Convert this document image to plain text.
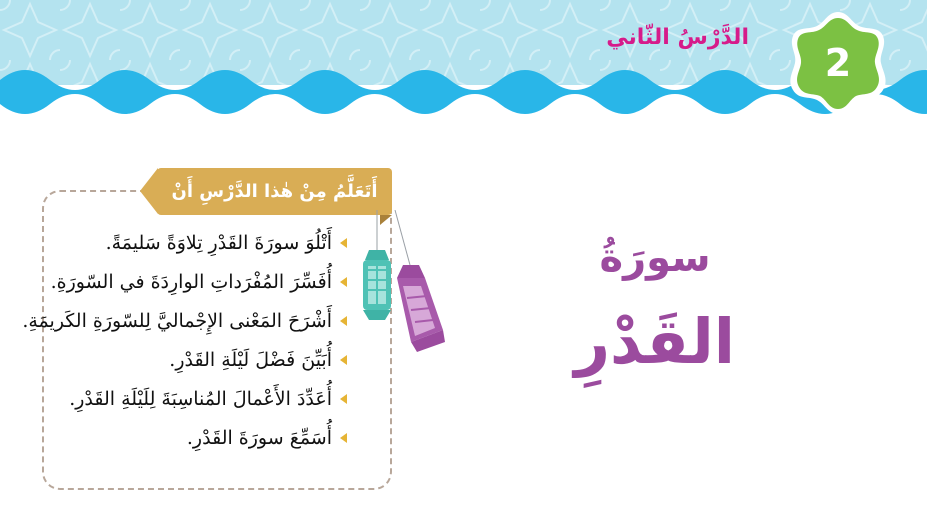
الدَّرْسُ الثّاني
2
أَتَعَلَّمُ مِنْ هٰذا الدَّرْسِ أَنْ
أَتْلُوَ سورَةَ القَدْرِ تِلاوَةً سَليمَةً.
أُفَسِّرَ المُفْرَداتِ الوارِدَةَ في السّورَةِ.
أَشْرَحَ المَعْنى الإِجْماليَّ لِلسّورَةِ الكَريمَةِ.
أُبَيِّنَ فَضْلَ لَيْلَةِ القَدْرِ.
أُعَدِّدَ الأَعْمالَ المُناسِبَةَ لِلَيْلَةِ القَدْرِ.
أُسَمِّعَ سورَةَ القَدْرِ.
سورَةُ
القَدْرِ
